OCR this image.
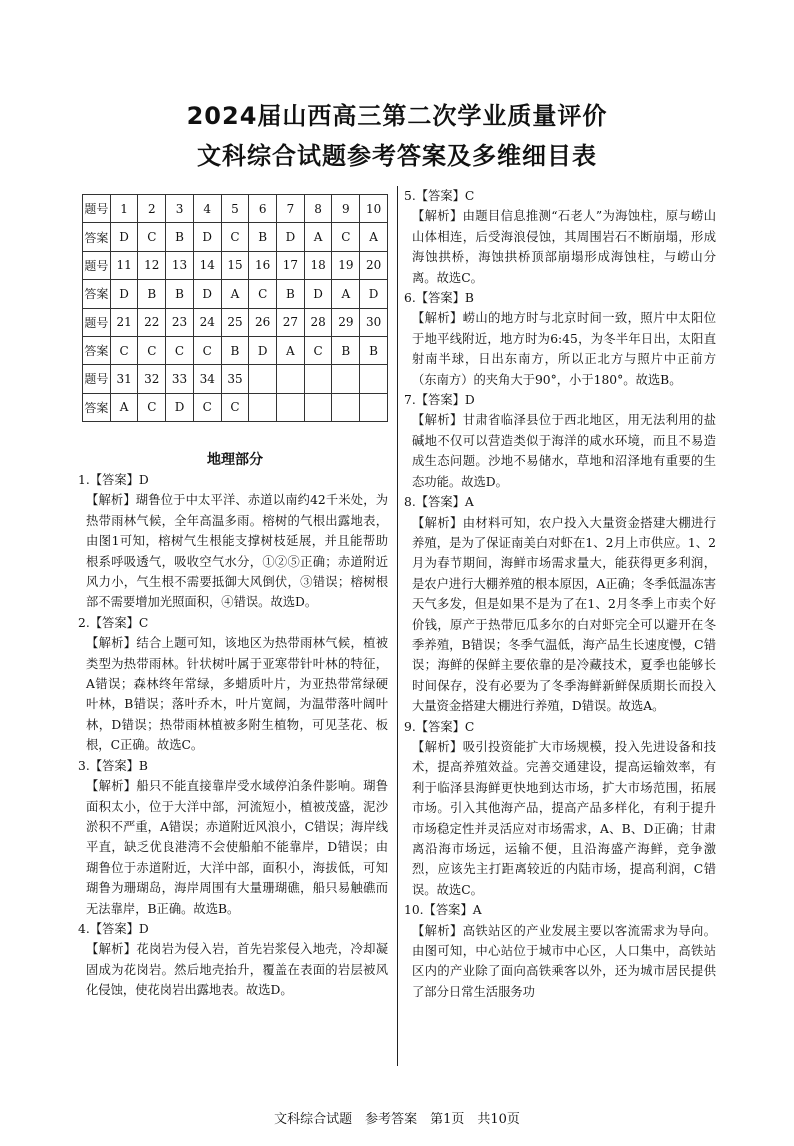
2024届山西高三第二次学业质量评价
文科综合试题参考答案及多维细目表
题号	1	2	3	4	5	6	7	8	9	10
答案	D	C	B	D	C	B	D	A	C	A
题号	11	12	13	14	15	16	17	18	19	20
答案	D	B	B	D	A	C	B	D	A	D
题号	21	22	23	24	25	26	27	28	29	30
答案	C	C	C	C	B	D	A	C	B	B
题号	31	32	33	34	35					
答案	A	C	D	C	C					
地理部分

1.【答案】D

【解析】瑚鲁位于中太平洋、赤道以南约42千米处，为热带雨林气候，全年高温多雨。榕树的气根出露地表，由图1可知，榕树气生根能支撑树枝延展，并且能帮助根系呼吸透气，吸收空气水分，①②⑤正确；赤道附近风力小，气生根不需要抵御大风倒伏，③错误；榕树根部不需要增加光照面积，④错误。故选D。

2.【答案】C

【解析】结合上题可知，该地区为热带雨林气候，植被类型为热带雨林。针状树叶属于亚寒带针叶林的特征，A错误；森林终年常绿，多蜡质叶片，为亚热带常绿硬叶林，B错误；落叶乔木，叶片宽阔，为温带落叶阔叶林，D错误；热带雨林植被多附生植物，可见茎花、板根，C正确。故选C。

3.【答案】B

【解析】船只不能直接靠岸受水域停泊条件影响。瑚鲁面积太小，位于大洋中部，河流短小，植被茂盛，泥沙淤积不严重，A错误；赤道附近风浪小，C错误；海岸线平直，缺乏优良港湾不会使船舶不能靠岸，D错误；由瑚鲁位于赤道附近，大洋中部，面积小，海拔低，可知瑚鲁为珊瑚岛，海岸周围有大量珊瑚礁，船只易触礁而无法靠岸，B正确。故选B。

4.【答案】D

【解析】花岗岩为侵入岩，首先岩浆侵入地壳，冷却凝固成为花岗岩。然后地壳抬升，覆盖在表面的岩层被风化侵蚀，使花岗岩出露地表。故选D。

5.【答案】C

【解析】由题目信息推测“石老人”为海蚀柱，原与崂山山体相连，后受海浪侵蚀，其周围岩石不断崩塌，形成海蚀拱桥，海蚀拱桥顶部崩塌形成海蚀柱，与崂山分离。故选C。

6.【答案】B

【解析】崂山的地方时与北京时间一致，照片中太阳位于地平线附近，地方时为6:45，为冬半年日出，太阳直射南半球，日出东南方，所以正北方与照片中正前方（东南方）的夹角大于90°，小于180°。故选B。

7.【答案】D

【解析】甘肃省临泽县位于西北地区，用无法利用的盐碱地不仅可以营造类似于海洋的咸水环境，而且不易造成生态问题。沙地不易储水，草地和沼泽地有重要的生态功能。故选D。

8.【答案】A

【解析】由材料可知，农户投入大量资金搭建大棚进行养殖，是为了保证南美白对虾在1、2月上市供应。1、2月为春节期间，海鲜市场需求量大，能获得更多利润，是农户进行大棚养殖的根本原因，A正确；冬季低温冻害天气多发，但是如果不是为了在1、2月冬季上市卖个好价钱，原产于热带厄瓜多尔的白对虾完全可以避开在冬季养殖，B错误；冬季气温低，海产品生长速度慢，C错误；海鲜的保鲜主要依靠的是冷藏技术，夏季也能够长时间保存，没有必要为了冬季海鲜新鲜保质期长而投入大量资金搭建大棚进行养殖，D错误。故选A。

9.【答案】C

【解析】吸引投资能扩大市场规模，投入先进设备和技术，提高养殖效益。完善交通建设，提高运输效率，有利于临泽县海鲜更快地到达市场，扩大市场范围，拓展市场。引入其他海产品，提高产品多样化，有利于提升市场稳定性并灵活应对市场需求，A、B、D正确；甘肃离沿海市场远，运输不便，且沿海盛产海鲜，竞争激烈，应该先主打距离较近的内陆市场，提高利润，C错误。故选C。

10.【答案】A

【解析】高铁站区的产业发展主要以客流需求为导向。由图可知，中心站位于城市中心区，人口集中，高铁站区内的产业除了面向高铁乘客以外，还为城市居民提供了部分日常生活服务功

文科综合试题　参考答案　第1页　共10页
